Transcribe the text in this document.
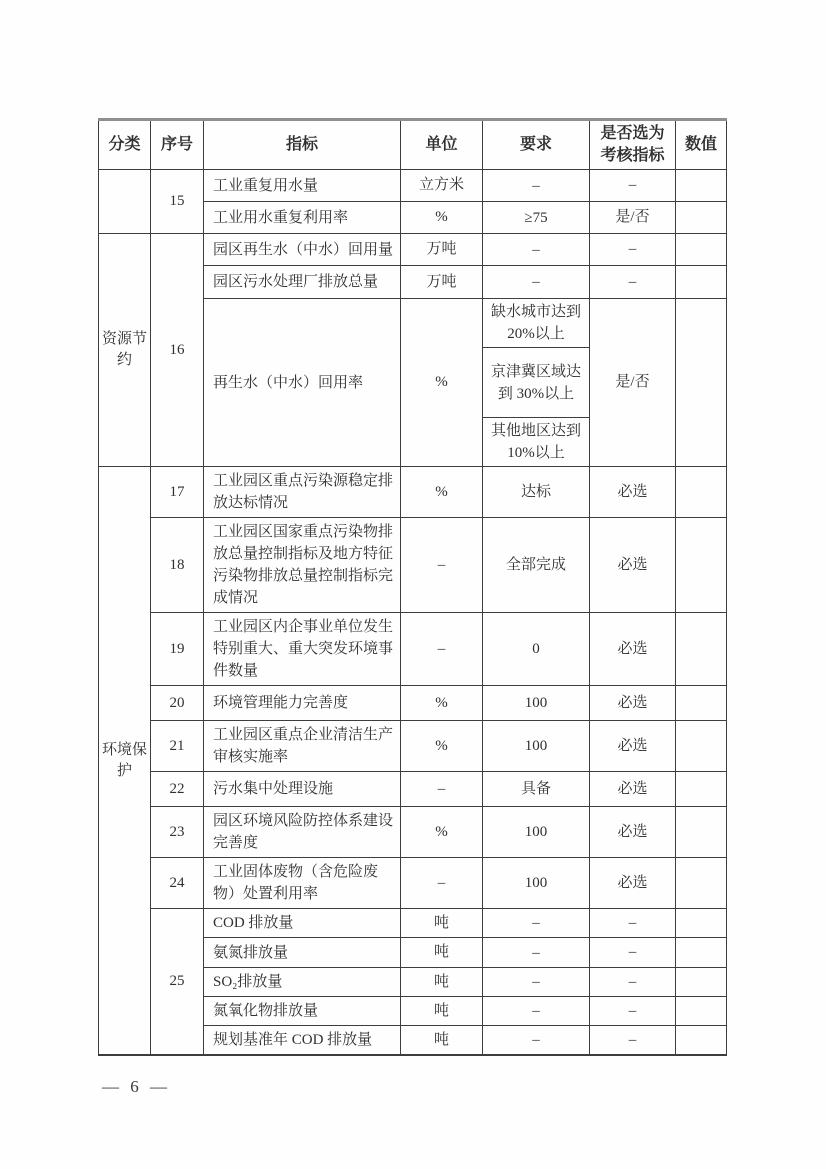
分类	序号	指标	单位	要求	是否选为考核指标	数值
	15	工业重复用水量	立方米	–	–	
		工业用水重复利用率	%	≥75	是/否	
资源节约	16	园区再生水（中水）回用量	万吨	–	–	
		园区污水处理厂排放总量	万吨	–	–	
		再生水（中水）回用率	%	缺水城市达到20%以上	是/否	
				京津冀区域达到 30%以上		
				其他地区达到10%以上		
环境保护	17	工业园区重点污染源稳定排放达标情况	%	达标	必选	
	18	工业园区国家重点污染物排放总量控制指标及地方特征污染物排放总量控制指标完成情况	–	全部完成	必选	
	19	工业园区内企事业单位发生特别重大、重大突发环境事件数量	–	0	必选	
	20	环境管理能力完善度	%	100	必选	
	21	工业园区重点企业清洁生产审核实施率	%	100	必选	
	22	污水集中处理设施	–	具备	必选	
	23	园区环境风险防控体系建设完善度	%	100	必选	
	24	工业固体废物（含危险废物）处置利用率	–	100	必选	
	25	COD 排放量	吨	–	–	
		氨氮排放量	吨	–	–	
		SO₂排放量	吨	–	–	
		氮氧化物排放量	吨	–	–	
		规划基准年 COD 排放量	吨	–	–	
— 6 —
